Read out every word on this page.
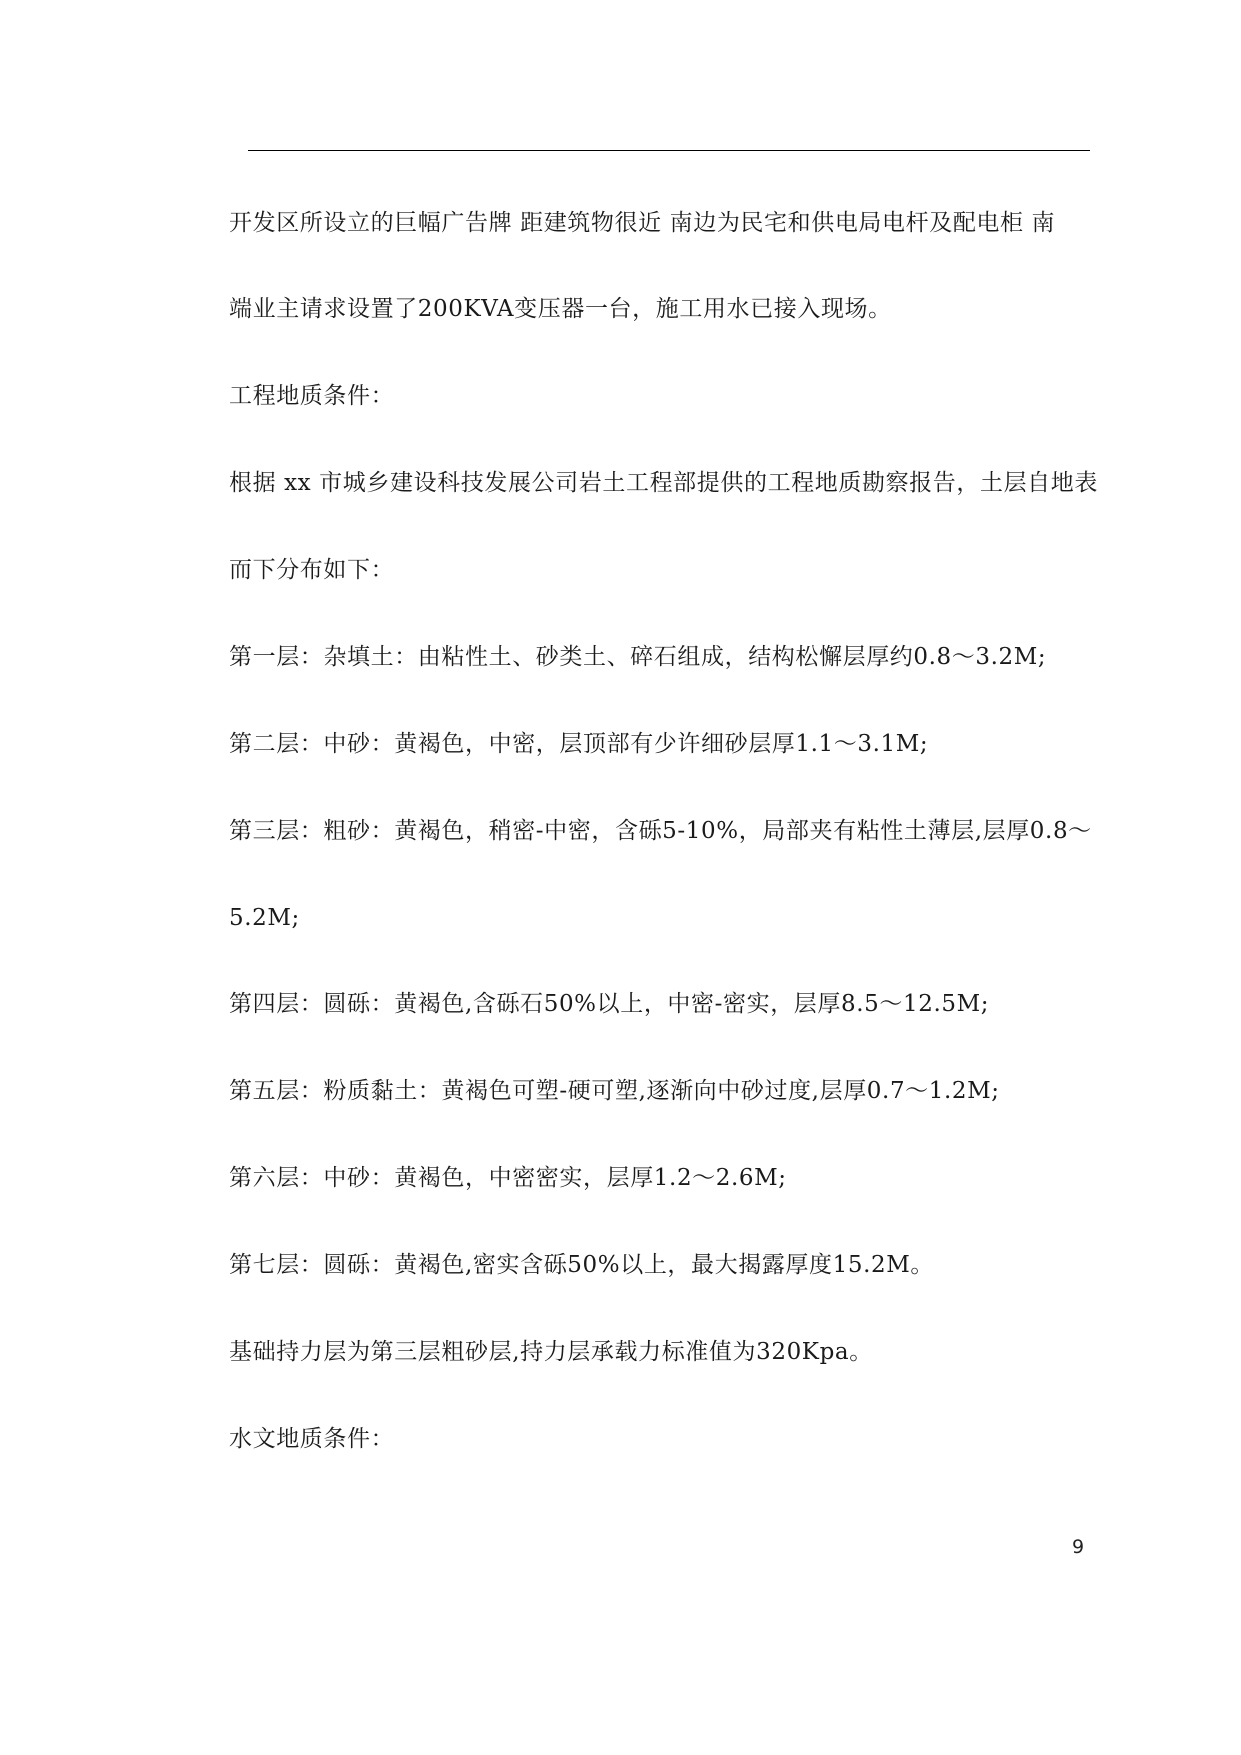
开发区所设立的巨幅广告牌 距建筑物很近 南边为民宅和供电局电杆及配电柜 南
端业主请求设置了200KVA变压器一台，施工用水已接入现场。
工程地质条件：
根据 xx 市城乡建设科技发展公司岩土工程部提供的工程地质勘察报告，土层自地表
而下分布如下：
第一层：杂填土：由粘性土、砂类土、碎石组成，结构松懈层厚约0.8～3.2M;
第二层：中砂：黄褐色，中密，层顶部有少许细砂层厚1.1～3.1M;
第三层：粗砂：黄褐色，稍密-中密，含砾5-10%，局部夹有粘性土薄层,层厚0.8～
5.2M;
第四层：圆砾：黄褐色,含砾石50%以上，中密-密实，层厚8.5～12.5M;
第五层：粉质黏土：黄褐色可塑-硬可塑,逐渐向中砂过度,层厚0.7～1.2M;
第六层：中砂：黄褐色，中密密实，层厚1.2～2.6M;
第七层：圆砾：黄褐色,密实含砾50%以上，最大揭露厚度15.2M。
基础持力层为第三层粗砂层,持力层承载力标准值为320Kpa。
水文地质条件：
9
